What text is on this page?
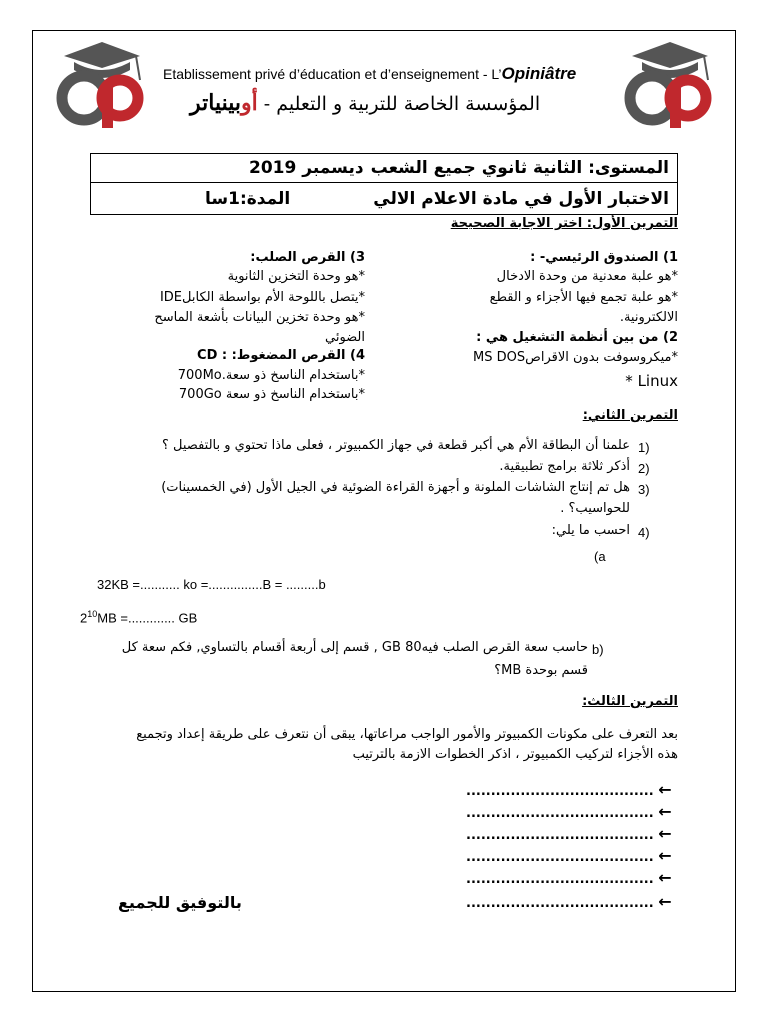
Etablissement privé d’éducation et d’enseignement - L’Opiniâtre
المؤسسة الخاصة للتربية و التعليم - أوبينياتر
المستوى: الثانية ثانوي جميع الشعب
ديسمبر 2019
الاختبار الأول في مادة الاعلام الالي
المدة:1سا
التمرين الأول: اختر الاجابة الصحيحة
1) الصندوق الرئيسي- :
*هو علبة معدنية من وحدة الادخال
*هو علبة تجمع فيها الأجزاء و القطع
الالكترونية.
2) من بين أنظمة التشغيل هي :
*ميكروسوفت بدون الاقراصMS DOS
Linux *
3) القرص الصلب:
*هو وحدة التخزين الثانوية
*يتصل باللوحة الأم بواسطة الكابلIDE
*هو وحدة تخزين البيانات بأشعة الماسح
الضوئي
4) القرص المضغوط: : CD
*باستخدام الناسخ ذو سعة.700Mo
*باستخدام الناسخ ذو سعة 700Go
التمرين الثاني:
1)
علمنا أن البطاقة الأم هي أكبر قطعة في جهاز الكمبيوتر ، فعلى ماذا تحتوي و بالتفصيل ؟
2)
أذكر ثلاثة برامج تطبيقية.
3)
هل تم إنتاج الشاشات الملونة و أجهزة القراءة الضوئية في الجيل الأول (في الخمسينات)
للحواسيب؟ .
4)
احسب ما يلي:
(a
32KB =........... ko =...............B = .........b
$2^{10}MB$ =............. GB
b)
حاسب سعة القرص الصلب فيه80 GB , قسم إلى أربعة أقسام بالتساوي, فكم سعة كل
قسم بوحدة MB؟
التمرين الثالث:
بعد التعرف على مكونات الكمبيوتر والأمور الواجب مراعاتها، يبقى أن نتعرف على طريقة إعداد وتجميع
هذه الأجزاء لتركيب الكمبيوتر ، اذكر الخطوات الازمة بالترتيب
...................................... ←
...................................... ←
...................................... ←
...................................... ←
...................................... ←
...................................... ←
بالتوفيق للجميع
